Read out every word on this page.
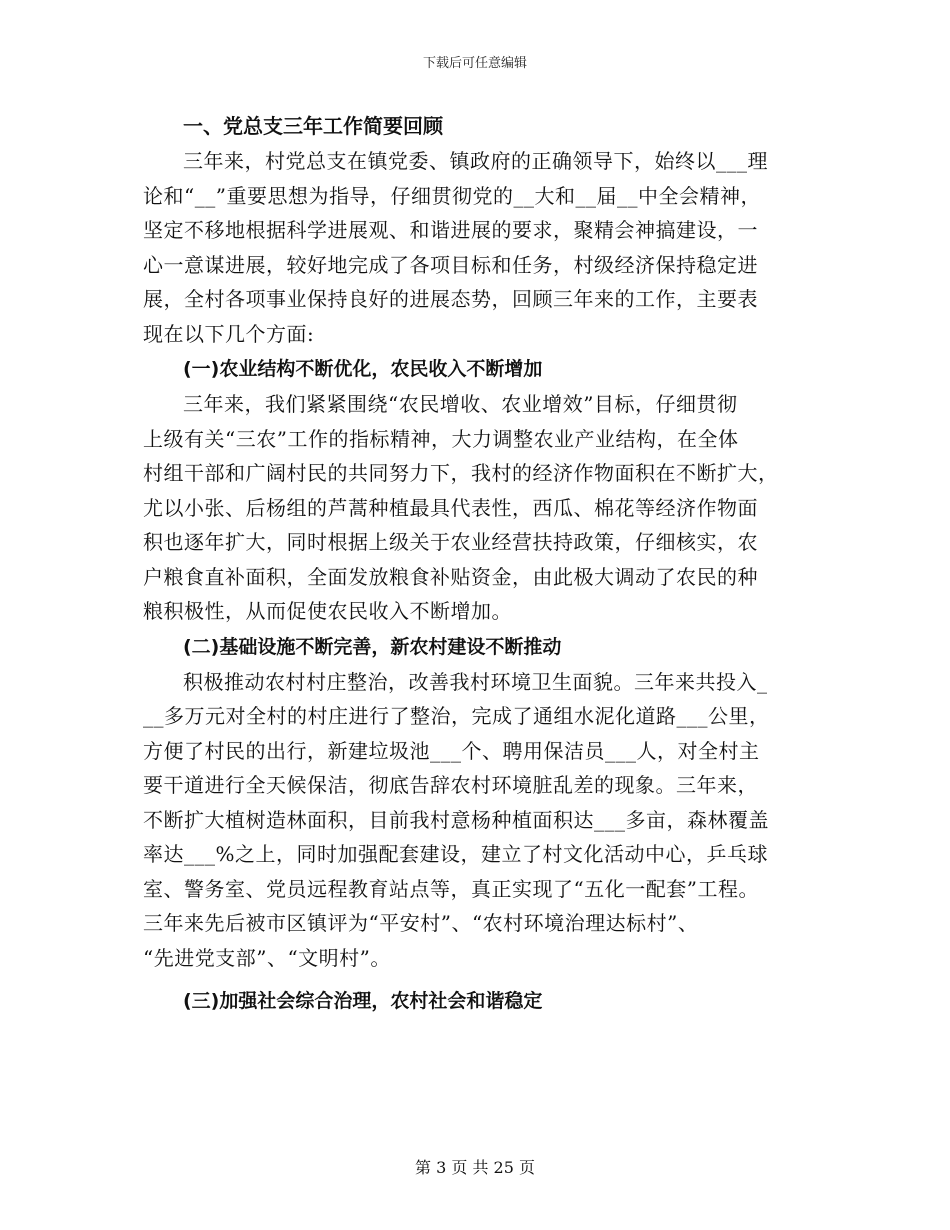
下载后可任意编辑
一、党总支三年工作简要回顾
三年来，村党总支在镇党委、镇政府的正确领导下，始终以___理
论和“__”重要思想为指导，仔细贯彻党的__大和__届__中全会精神，
坚定不移地根据科学进展观、和谐进展的要求，聚精会神搞建设，一
心一意谋进展，较好地完成了各项目标和任务，村级经济保持稳定进
展，全村各项事业保持良好的进展态势，回顾三年来的工作，主要表
现在以下几个方面:
(一)农业结构不断优化，农民收入不断增加
三年来，我们紧紧围绕“农民增收、农业增效”目标，仔细贯彻
上级有关“三农”工作的指标精神，大力调整农业产业结构，在全体
村组干部和广阔村民的共同努力下，我村的经济作物面积在不断扩大，
尤以小张、后杨组的芦蒿种植最具代表性，西瓜、棉花等经济作物面
积也逐年扩大，同时根据上级关于农业经营扶持政策，仔细核实，农
户粮食直补面积，全面发放粮食补贴资金，由此极大调动了农民的种
粮积极性，从而促使农民收入不断增加。
(二)基础设施不断完善，新农村建设不断推动
积极推动农村村庄整治，改善我村环境卫生面貌。三年来共投入_
__多万元对全村的村庄进行了整治，完成了通组水泥化道路___公里，
方便了村民的出行，新建垃圾池___个、聘用保洁员___人，对全村主
要干道进行全天候保洁，彻底告辞农村环境脏乱差的现象。三年来，
不断扩大植树造林面积，目前我村意杨种植面积达___多亩，森林覆盖
率达___%之上，同时加强配套建设，建立了村文化活动中心，乒乓球
室、警务室、党员远程教育站点等，真正实现了“五化一配套”工程。
三年来先后被市区镇评为“平安村”、“农村环境治理达标村”、
“先进党支部”、“文明村”。
(三)加强社会综合治理，农村社会和谐稳定
第 3 页 共 25 页
